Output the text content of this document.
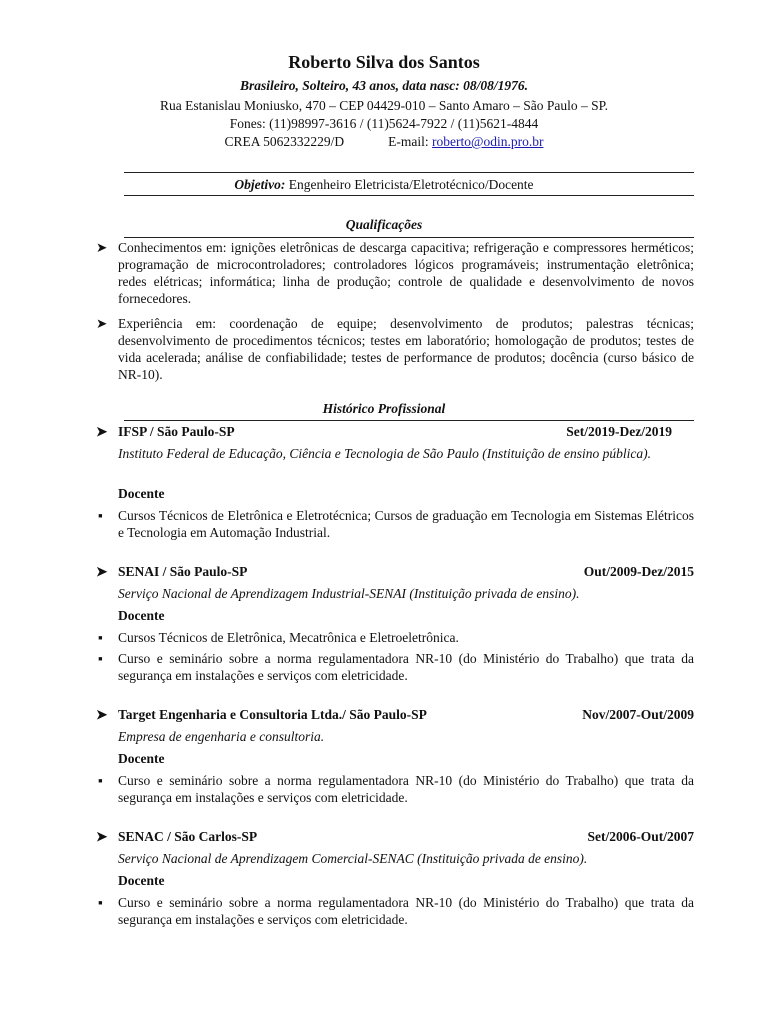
Roberto Silva dos Santos
Brasileiro, Solteiro, 43 anos, data nasc: 08/08/1976.
Rua Estanislau Moniusko, 470 – CEP 04429-010 – Santo Amaro – São Paulo – SP.
Fones: (11)98997-3616 / (11)5624-7922 / (11)5621-4844
CREA 5062332229/D	E-mail: roberto@odin.pro.br
Objetivo: Engenheiro Eletricista/Eletrotécnico/Docente
Qualificações
➤ Conhecimentos em: ignições eletrônicas de descarga capacitiva; refrigeração e compressores herméticos; programação de microcontroladores; controladores lógicos programáveis; instrumentação eletrônica; redes elétricas; informática; linha de produção; controle de qualidade e desenvolvimento de novos fornecedores.
➤ Experiência em: coordenação de equipe; desenvolvimento de produtos; palestras técnicas; desenvolvimento de procedimentos técnicos; testes em laboratório; homologação de produtos; testes de vida acelerada; análise de confiabilidade; testes de performance de produtos; docência (curso básico de NR-10).
Histórico Profissional
➤ IFSP / São Paulo-SP	Set/2019-Dez/2019
Instituto Federal de Educação, Ciência e Tecnologia de São Paulo (Instituição de ensino pública).
Docente
▪ Cursos Técnicos de Eletrônica e Eletrotécnica; Cursos de graduação em Tecnologia em Sistemas Elétricos e Tecnologia em Automação Industrial.
➤ SENAI / São Paulo-SP	Out/2009-Dez/2015
Serviço Nacional de Aprendizagem Industrial-SENAI (Instituição privada de ensino).
Docente
▪ Cursos Técnicos de Eletrônica, Mecatrônica e Eletroeletrônica.
▪ Curso e seminário sobre a norma regulamentadora NR-10 (do Ministério do Trabalho) que trata da segurança em instalações e serviços com eletricidade.
➤ Target Engenharia e Consultoria Ltda./ São Paulo-SP	Nov/2007-Out/2009
Empresa de engenharia e consultoria.
Docente
▪ Curso e seminário sobre a norma regulamentadora NR-10 (do Ministério do Trabalho) que trata da segurança em instalações e serviços com eletricidade.
➤ SENAC / São Carlos-SP	Set/2006-Out/2007
Serviço Nacional de Aprendizagem Comercial-SENAC (Instituição privada de ensino).
Docente
▪ Curso e seminário sobre a norma regulamentadora NR-10 (do Ministério do Trabalho) que trata da segurança em instalações e serviços com eletricidade.
